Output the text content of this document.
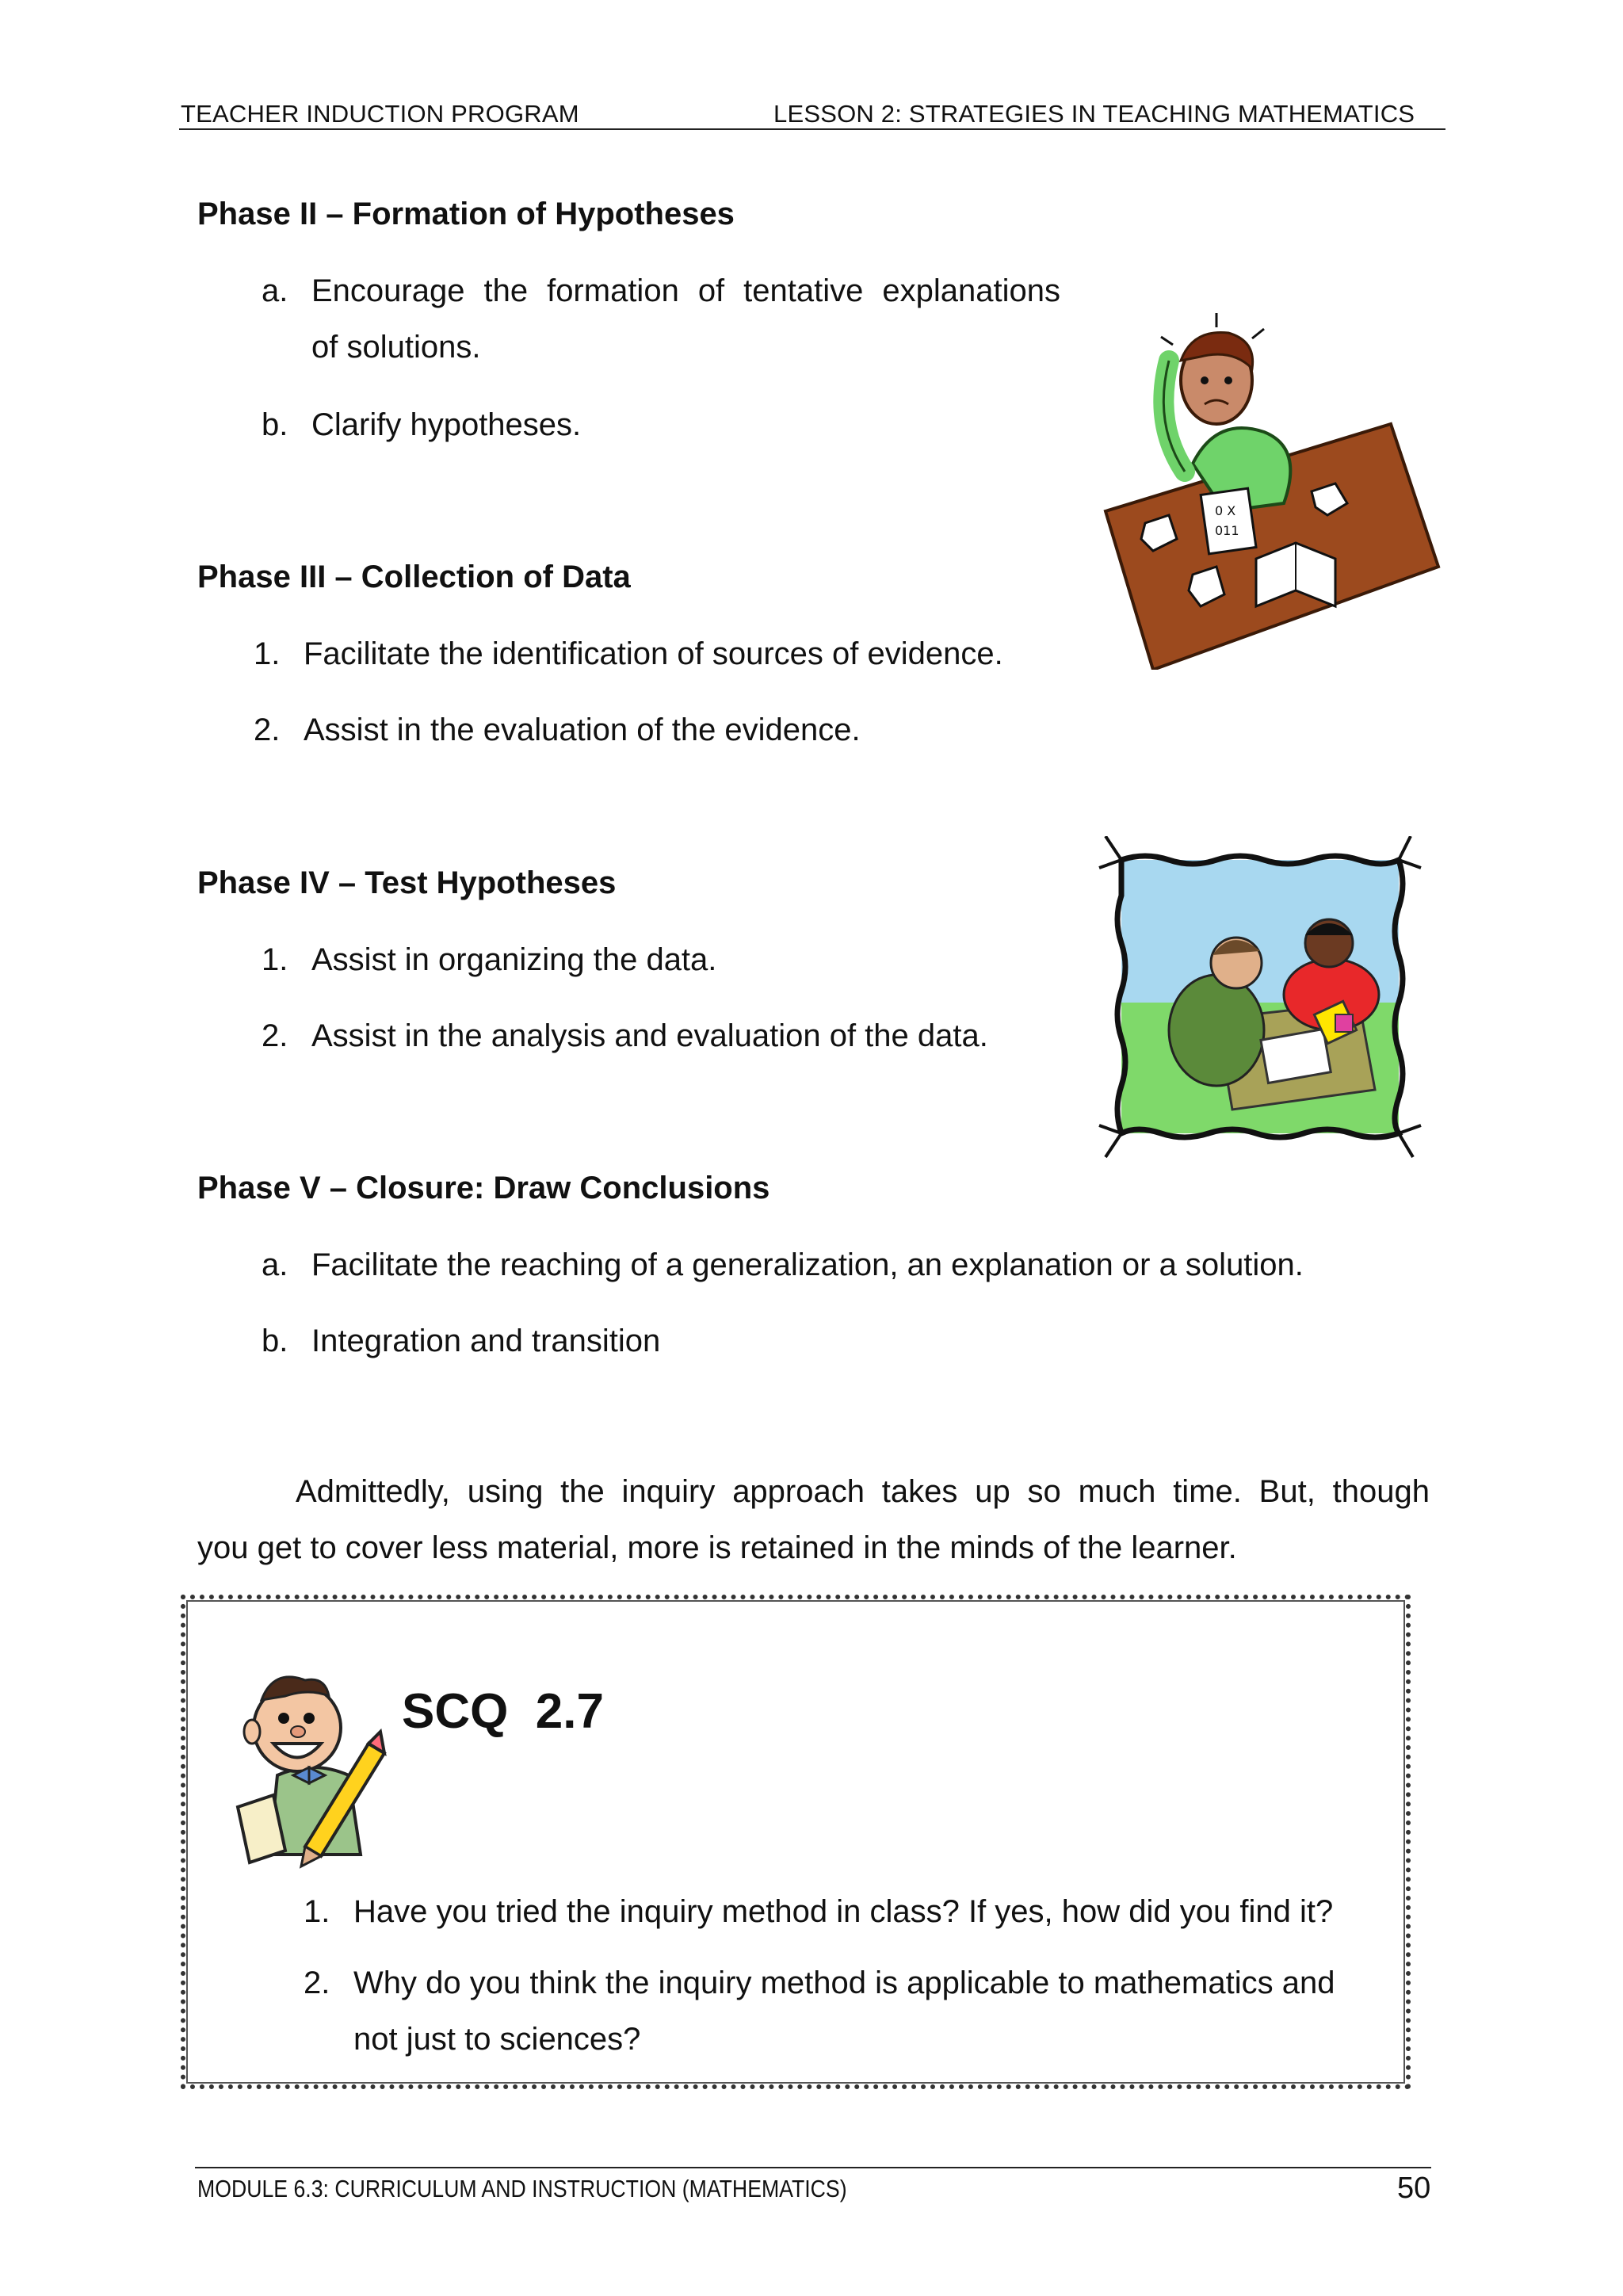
TEACHER INDUCTION PROGRAM	LESSON 2: STRATEGIES IN TEACHING MATHEMATICS
Phase II – Formation of Hypotheses
a. Encourage the formation of tentative explanations
of solutions.
b. Clarify hypotheses.
Phase III – Collection of Data
1. Facilitate the identification of sources of evidence.
2. Assist in the evaluation of the evidence.
Phase IV – Test Hypotheses
1. Assist in organizing the data.
2. Assist in the analysis and evaluation of the data.
Phase V – Closure: Draw Conclusions
a. Facilitate the reaching of a generalization, an explanation or a solution.
b. Integration and transition
Admittedly, using the inquiry approach takes up so much time. But, though
you get to cover less material, more is retained in the minds of the learner.
SCQ  2.7
1. Have you tried the inquiry method in class? If yes, how did you find it?
2. Why do you think the inquiry method is applicable to mathematics and
not just to sciences?
MODULE 6.3: CURRICULUM AND INSTRUCTION (MATHEMATICS)	50
0 X
011
